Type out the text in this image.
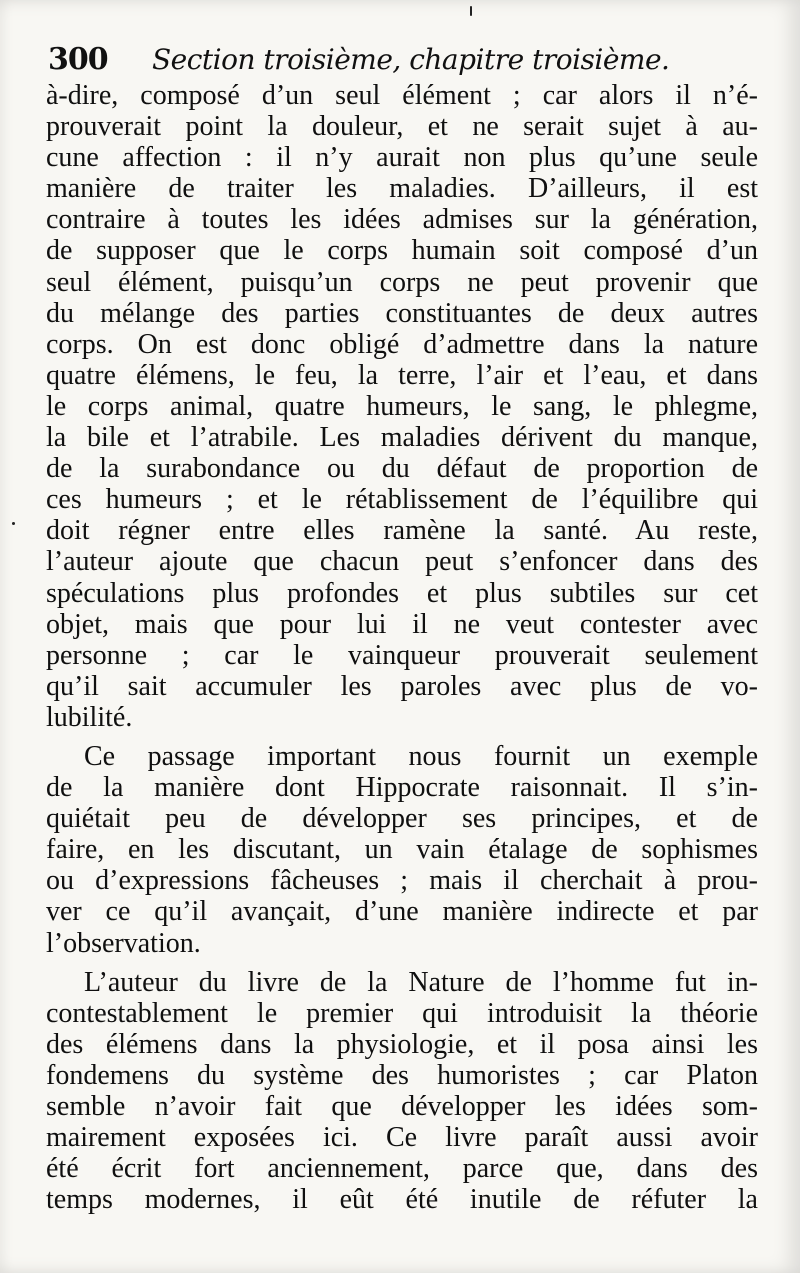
300 Section troisième, chapitre troisième.
à-dire, composé d’un seul élément ; car alors il n’é-
prouverait point la douleur, et ne serait sujet à au-
cune affection : il n’y aurait non plus qu’une seule
manière de traiter les maladies. D’ailleurs, il est
contraire à toutes les idées admises sur la génération,
de supposer que le corps humain soit composé d’un
seul élément, puisqu’un corps ne peut provenir que
du mélange des parties constituantes de deux autres
corps. On est donc obligé d’admettre dans la nature
quatre élémens, le feu, la terre, l’air et l’eau, et dans
le corps animal, quatre humeurs, le sang, le phlegme,
la bile et l’atrabile. Les maladies dérivent du manque,
de la surabondance ou du défaut de proportion de
ces humeurs ; et le rétablissement de l’équilibre qui
doit régner entre elles ramène la santé. Au reste,
l’auteur ajoute que chacun peut s’enfoncer dans des
spéculations plus profondes et plus subtiles sur cet
objet, mais que pour lui il ne veut contester avec
personne ; car le vainqueur prouverait seulement
qu’il sait accumuler les paroles avec plus de vo-
lubilité.
Ce passage important nous fournit un exemple
de la manière dont Hippocrate raisonnait. Il s’in-
quiétait peu de développer ses principes, et de
faire, en les discutant, un vain étalage de sophismes
ou d’expressions fâcheuses ; mais il cherchait à prou-
ver ce qu’il avançait, d’une manière indirecte et par
l’observation.
L’auteur du livre de la Nature de l’homme fut in-
contestablement le premier qui introduisit la théorie
des élémens dans la physiologie, et il posa ainsi les
fondemens du système des humoristes ; car Platon
semble n’avoir fait que développer les idées som-
mairement exposées ici. Ce livre paraît aussi avoir
été écrit fort anciennement, parce que, dans des
temps modernes, il eût été inutile de réfuter la
